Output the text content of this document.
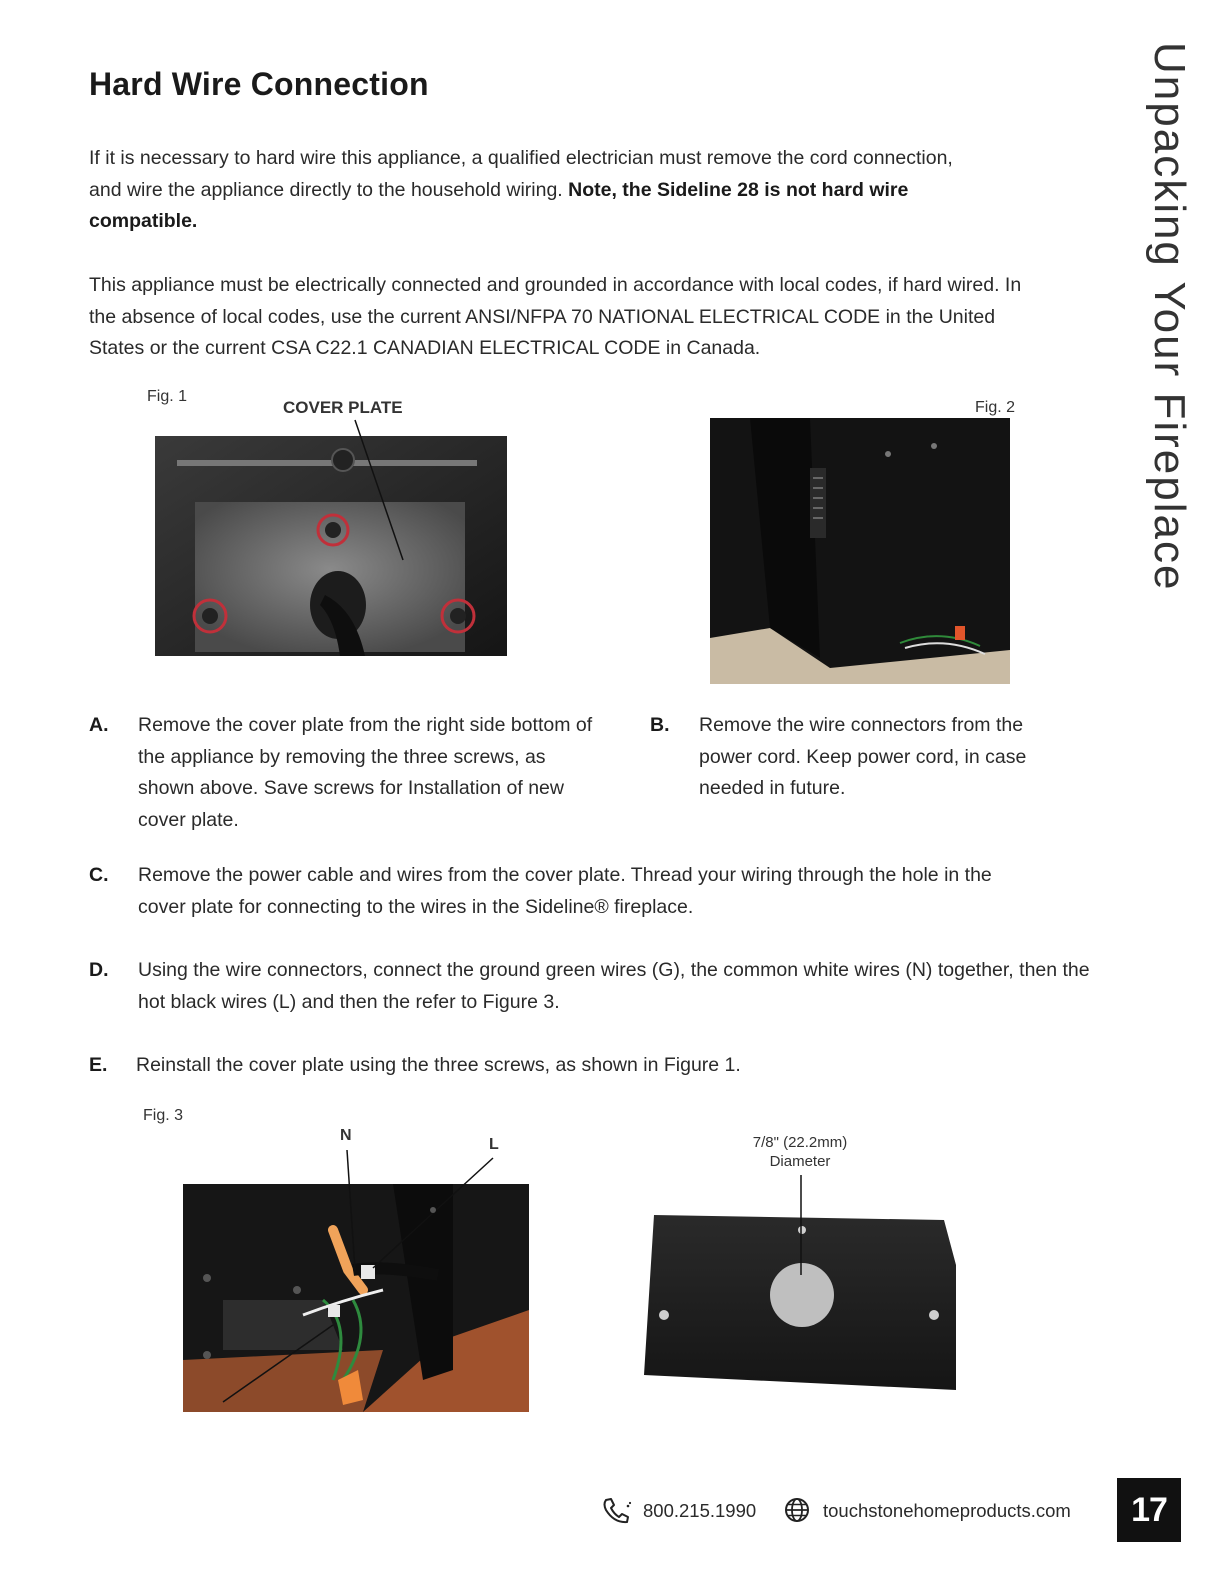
Hard Wire Connection	Unpacking Your Fireplace

If it is necessary to hard wire this appliance, a qualified electrician must remove the cord connection, and wire the appliance directly to the household wiring. Note, the Sideline 28 is not hard wire compatible.

This appliance must be electrically connected and grounded in accordance with local codes, if hard wired. In the absence of local codes, use the current ANSI/NFPA 70 NATIONAL ELECTRICAL CODE in the United States or the current CSA C22.1 CANADIAN ELECTRICAL CODE in Canada.

Fig. 1
COVER PLATE	Fig. 2
A. Remove the cover plate from the right side bottom of the appliance by removing the three screws, as shown above. Save screws for Installation of new cover plate.
B. Remove the wire connectors from the power cord. Keep power cord, in case needed in future.
C. Remove the power cable and wires from the cover plate. Thread your wiring through the hole in the cover plate for connecting to the wires in the Sideline® fireplace.
D. Using the wire connectors, connect the ground green wires (G), the common white wires (N) together, then the hot black wires (L) and then the refer to Figure 3.
E. Reinstall the cover plate using the three screws, as shown in Figure 1.
Fig. 3
N
L	7/8" (22.2mm)
Diameter
800.215.1990	touchstonehomeproducts.com	17
